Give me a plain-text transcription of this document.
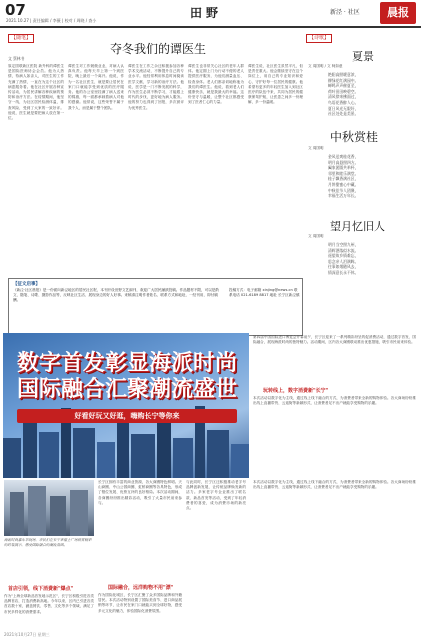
07
2021.10.27 | 责任编辑 / 李薇 | 校对 / 周晓 / 查小
田野	新泾 · 社区	晨报
【随笔】	【诗歌】
夺冬我们的谭医生
文 蔡林书
原定国联新区医院 新外科的谭医生是国际医师协会会员。他为人热情，待病人如亲人，对医生的工作充满了热情，一直在为这个社区的病患服务着。他在社区开展各种宣传活动，为居民讲解各种疾病的预防和治疗方法。在疫情期间，他坚守一线，为社区居民检测体温，排查风险，受到了大家的一致好评。他说，医生就是要把病人放在第一位。
谭医生对工作兢兢业业，对病人认真负责。他每天早上第一个到医院，晚上最后一个离开。他说，作为一名社区医生，就是要让居民在家门口就能享受到优质的医疗服务。他的办公室里挂满了病人送来的锦旗，每一面都承载着病人对他的感谢。他常说，这些荣誉不属于我个人，而是属于整个团队。
谭医生在工作之余还积极参加各种学术交流活动，不断提升自己的专业水平。他经常利用休息时间阅读医学文献，学习新的治疗方法。他说，医学是一门不断发展的科学，作为医生必须不断学习，才能跟上时代的步伐，更好地为病人服务。他的努力也得到了回报，多次被评为优秀医生。
谭医生也非常关心社区的老年人群体。他定期上门为行动不便的老人提供医疗服务，为他们测量血压、检查身体。老人们都亲切地称他为我们的谭医生。他说，看到老人们健康快乐，就是我最大的幸福。这份坚守与温暖，让整个社区都感受到了医者仁心的力量。
谭医生说，社区医生虽然平凡，但是责任重大。他会继续坚守在这个岗位上，用自己的专业知识和爱心，守护好每一位居民的健康。他希望有更多的年轻医生加入到社区医疗的队伍中来，共同为居民的健康保驾护航，让医患之间多一份理解，多一份温暖。
【征文启事】
《新泾·社区晨报》是一份面向新泾地区的居民社区报，本刊开设田野文艺副刊，欢迎广大居民踊跃投稿。作品题材不限，可以是散文、随笔、诗歌、摄影作品等，反映社区生活、展现身边的好人好事。来稿请注明作者姓名、联系方式和地址，一经刊用，即付稿酬。
投稿方式：电子邮箱 xinjing@news.cn 联系电话 021-6189 8817 地址 长宁区新泾镇
夏景
文 周国明 / 文 柯如意
艳阳高照暖意浓，
柳绿花红满园中。
蝉鸣声声催夏至，
荷叶田田映碧空。
清风徐来拂面过，
鸟语花香醉人心。
夏日风光无限好，
社区处处是美景。
中秋赏桂
文 周国明
金风送爽桂花香，
明月高悬照四方。
阖家团圆共举杯，
邻里和睦乐满堂。
桂子飘香满社区，
月饼甜蜜心中藏。
中秋佳节人团聚，
幸福生活万年长。
望月忆旧人
文 周国明
明月当空照九州，
清辉洒落似水流。
遥望故乡情难忘，
思念亲人泪满眸。
往事如烟随风去，
情深意长永不休。
数字首发彰显海派时尚
国际融合汇聚潮流盛世
好看好玩又好逛，嗨购长宁等你来
第四届中国国际进口博览会开幕前夕，长宁区迎来了一系列精彩纷呈的促消费活动，通过数字首发、国际融合，展现海派时尚的独特魅力。活动期间，区内各大商圈联动推出优惠措施，吸引市民前来体验。
玩转线上，数字消费新"长宁"
本次活动以数字化为主线，通过线上线下融合的方式，为消费者带来全新的购物体验。各大商场纷纷推出线上直播带货、云逛街等新颖形式，让消费者足不出户就能享受购物的乐趣。
海派时尚嘉年华现场，市民们在长宁来福士广场欣赏精彩的时装展示，感受国际融合的潮流氛围。
首店引领，线下消费新"爆点"
作为"上海全球新品首发地示范区"，长宁区积极引进各类品牌首店，打造消费新高地。今年以来，区内已引进各类首店数十家，涵盖餐饮、零售、文化等多个领域，满足了市民多样化的消费需求。
长宁区拥有丰富的商业资源，各大商圈特色鲜明。天山商圈、中山公园商圈、虹桥商圈等各具特色，形成了错位发展、优势互补的良好格局。本次活动期间，各商圈纷纷推出精彩活动，吸引了大量市民前来参与。
国际融合，远洋购物不用"漂"
作为国际化城区，长宁区汇聚了众多国际品牌和外籍居民。本次活动特别设置了国际美食节、进口商品展销等环节，让市民在家门口就能买到全球好物，感受多元文化的魅力，体验国际化消费氛围。
与此同时，长宁区还积极推动老字号品牌创新发展，让传统品牌焕发新的活力。多家老字号企业推出了联名款、新品首发等活动，受到了年轻消费者的喜爱，成为消费市场的新亮点。
本次活动以数字化为主线，通过线上线下融合的方式，为消费者带来全新的购物体验。各大商场纷纷推出线上直播带货、云逛街等新颖形式，让消费者足不出户就能享受购物的乐趣。
2021年10月27日 星期三
